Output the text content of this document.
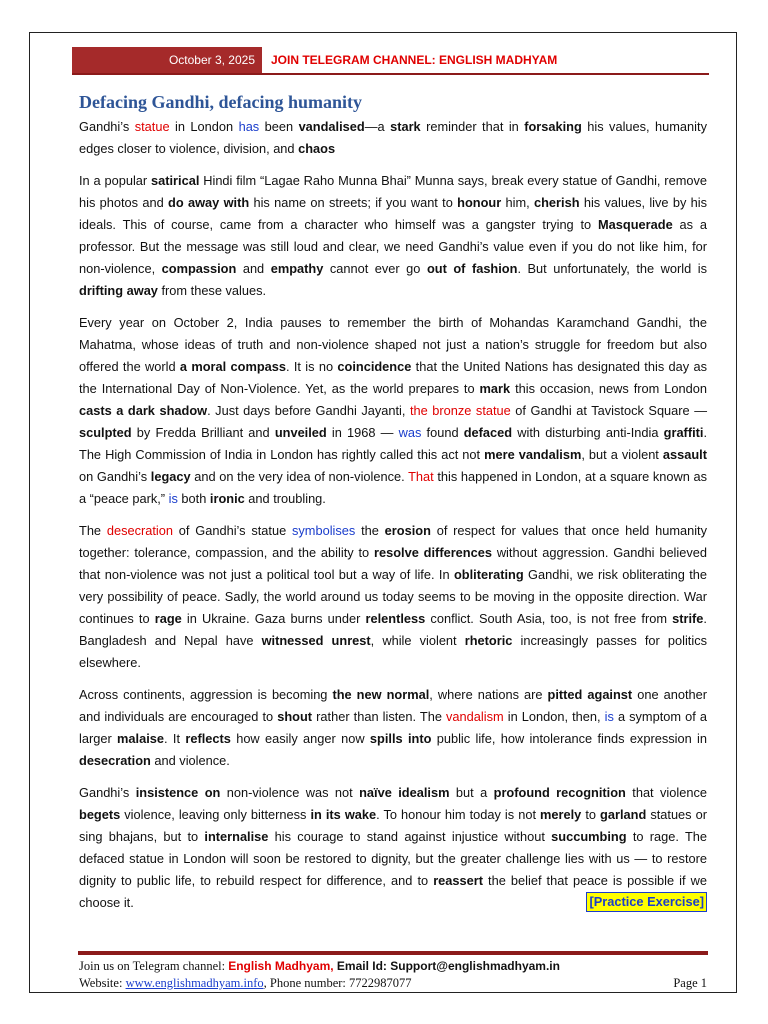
October 3, 2025	JOIN TELEGRAM CHANNEL: ENGLISH MADHYAM
Defacing Gandhi, defacing humanity

Gandhi’s statue in London has been vandalised—a stark reminder that in forsaking his values, humanity edges closer to violence, division, and chaos

In a popular satirical Hindi film “Lagae Raho Munna Bhai” Munna says, break every statue of Gandhi, remove his photos and do away with his name on streets; if you want to honour him, cherish his values, live by his ideals. This of course, came from a character who himself was a gangster trying to Masquerade as a professor. But the message was still loud and clear, we need Gandhi’s value even if you do not like him, for non-violence, compassion and empathy cannot ever go out of fashion. But unfortunately, the world is drifting away from these values.

Every year on October 2, India pauses to remember the birth of Mohandas Karamchand Gandhi, the Mahatma, whose ideas of truth and non-violence shaped not just a nation’s struggle for freedom but also offered the world a moral compass. It is no coincidence that the United Nations has designated this day as the International Day of Non-Violence. Yet, as the world prepares to mark this occasion, news from London casts a dark shadow. Just days before Gandhi Jayanti, the bronze statue of Gandhi at Tavistock Square — sculpted by Fredda Brilliant and unveiled in 1968 — was found defaced with disturbing anti-India graffiti. The High Commission of India in London has rightly called this act not mere vandalism, but a violent assault on Gandhi’s legacy and on the very idea of non-violence. That this happened in London, at a square known as a “peace park,” is both ironic and troubling.

The desecration of Gandhi’s statue symbolises the erosion of respect for values that once held humanity together: tolerance, compassion, and the ability to resolve differences without aggression. Gandhi believed that non-violence was not just a political tool but a way of life. In obliterating Gandhi, we risk obliterating the very possibility of peace. Sadly, the world around us today seems to be moving in the opposite direction. War continues to rage in Ukraine. Gaza burns under relentless conflict. South Asia, too, is not free from strife. Bangladesh and Nepal have witnessed unrest, while violent rhetoric increasingly passes for politics elsewhere.

Across continents, aggression is becoming the new normal, where nations are pitted against one another and individuals are encouraged to shout rather than listen. The vandalism in London, then, is a symptom of a larger malaise. It reflects how easily anger now spills into public life, how intolerance finds expression in desecration and violence.

Gandhi’s insistence on non-violence was not naïve idealism but a profound recognition that violence begets violence, leaving only bitterness in its wake. To honour him today is not merely to garland statues or sing bhajans, but to internalise his courage to stand against injustice without succumbing to rage. The defaced statue in London will soon be restored to dignity, but the greater challenge lies with us — to restore dignity to public life, to rebuild respect for difference, and to reassert the belief that peace is possible if we choose it.	[Practice Exercise]
Join us on Telegram channel: English Madhyam, Email Id: Support@englishmadhyam.in
Website: www.englishmadhyam.info, Phone number: 7722987077	Page 1
